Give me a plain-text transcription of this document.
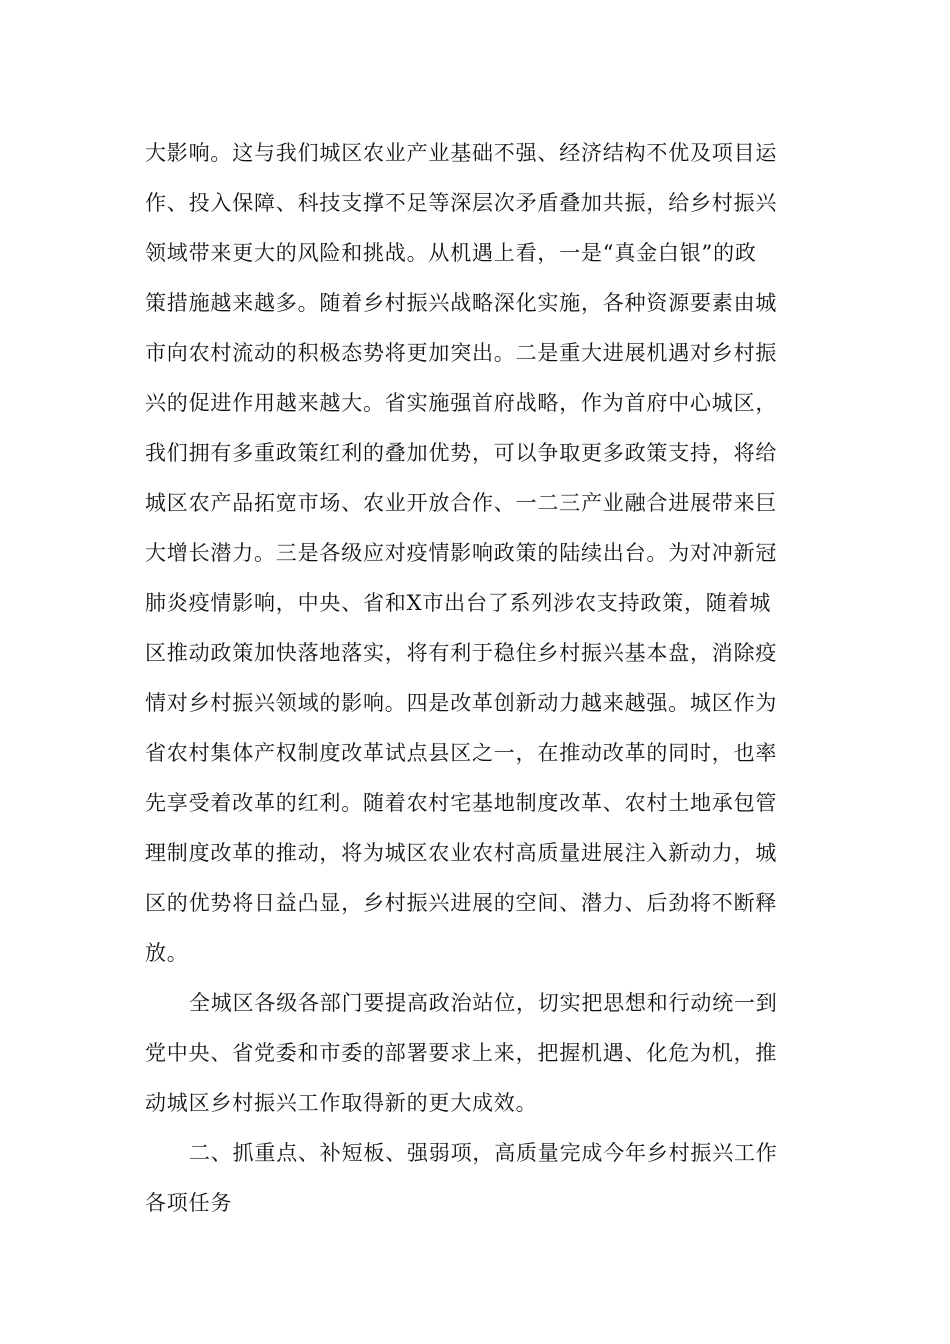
大影响。这与我们城区农业产业基础不强、经济结构不优及项目运
作、投入保障、科技支撑不足等深层次矛盾叠加共振，给乡村振兴
领域带来更大的风险和挑战。从机遇上看，一是“真金白银”的政
策措施越来越多。随着乡村振兴战略深化实施，各种资源要素由城
市向农村流动的积极态势将更加突出。二是重大进展机遇对乡村振
兴的促进作用越来越大。省实施强首府战略，作为首府中心城区，
我们拥有多重政策红利的叠加优势，可以争取更多政策支持，将给
城区农产品拓宽市场、农业开放合作、一二三产业融合进展带来巨
大增长潜力。三是各级应对疫情影响政策的陆续出台。为对冲新冠
肺炎疫情影响，中央、省和X市出台了系列涉农支持政策，随着城
区推动政策加快落地落实，将有利于稳住乡村振兴基本盘，消除疫
情对乡村振兴领域的影响。四是改革创新动力越来越强。城区作为
省农村集体产权制度改革试点县区之一，在推动改革的同时，也率
先享受着改革的红利。随着农村宅基地制度改革、农村土地承包管
理制度改革的推动，将为城区农业农村高质量进展注入新动力，城
区的优势将日益凸显，乡村振兴进展的空间、潜力、后劲将不断释
放。
全城区各级各部门要提高政治站位，切实把思想和行动统一到
党中央、省党委和市委的部署要求上来，把握机遇、化危为机，推
动城区乡村振兴工作取得新的更大成效。
二、抓重点、补短板、强弱项，高质量完成今年乡村振兴工作
各项任务
